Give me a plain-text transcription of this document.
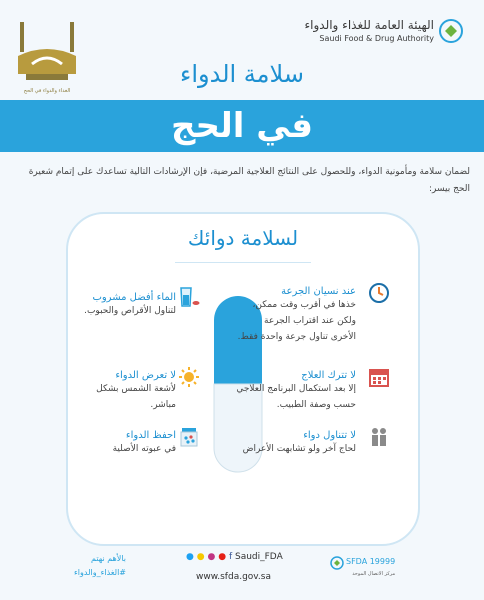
الغذاء والدواء في الحج
الهيئة العامة للغذاء والدواء
Saudi Food & Drug Authority
سلامة الدواء
في الحج
لضمان سلامة ومأمونية الدواء، وللحصول على النتائج العلاجية المرضية، فإن الإرشادات التالية تساعدك على إتمام شعيرة الحج بيسر:
لسلامة دوائك
عند نسيان الجرعة
خذها في أقرب وقت ممكن، ولكن عند اقتراب الجرعة الأخرى تناول جرعة واحدة فقط.
لا تترك العلاج
إلا بعد استكمال البرنامج العلاجي حسب وصفة الطبيب.
لا تتناول دواء
لحاج آخر ولو تشابهت الأعراض
الماء أفضل مشروب
لتناول الأقراص والحبوب.
لا تعرض الدواء
لأشعة الشمس بشكل مباشر.
احفظ الدواء
في عبوته الأصلية
بالأهم نهتم
#الغذاء_والدواء
● ● ● ● f Saudi_FDA
www.sfda.gov.sa
SFDA 19999
مركز الاتصال الموحد
